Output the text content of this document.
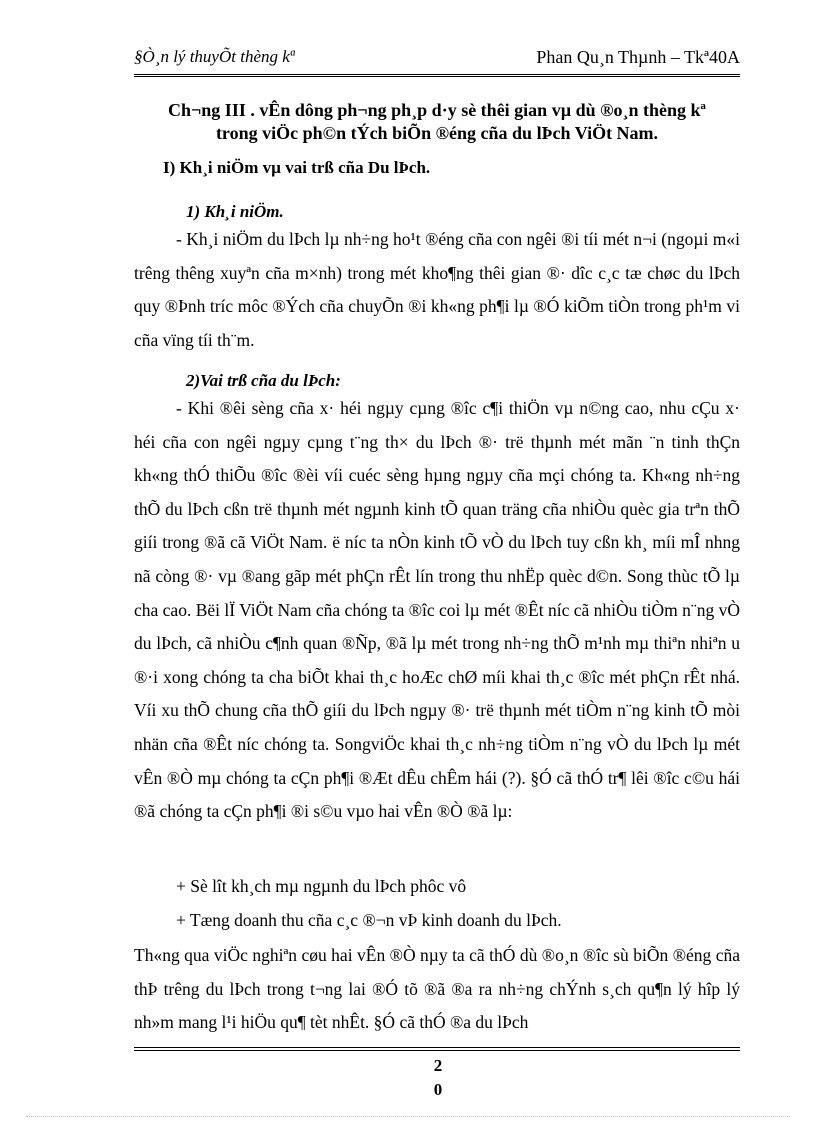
§Ò¸n lý thuyÕt thèng kª	Phan Qu¸n Thµnh – Tkª40A
Ch¬ng III . vÊn dông ph¬ng ph¸p d·y sè thêi gian vµ dù ®o¸n thèng kª
trong viÖc ph©n tÝch biÕn ®éng cña du lÞch ViÖt Nam.
I) Kh¸i niÖm vµ vai trß cña Du lÞch.
1) Kh¸i niÖm.

- Kh¸i niÖm du lÞch lµ nh÷ng ho¹t ®éng cña con ngêi ®i tíi mét n¬i (ngoµi m«i trêng thêng xuyªn cña m×nh) trong mét kho¶ng thêi gian ®· dîc c¸c tæ chøc du lÞch quy ®Þnh tríc môc ®Ých cña chuyÕn ®i kh«ng ph¶i lµ ®Ó kiÕm tiÒn trong ph¹m vi cña vïng tíi th¨m.

2)Vai trß cña du lÞch:

- Khi ®êi sèng cña x· héi ngµy cµng ®îc c¶i thiÖn vµ n©ng cao, nhu cÇu x· héi cña con ngêi ngµy cµng t¨ng th× du lÞch ®· trë thµnh mét mãn ¨n tinh thÇn kh«ng thÓ thiÕu ®îc ®èi víi cuéc sèng hµng ngµy cña mçi chóng ta. Kh«ng nh÷ng thÕ du lÞch cßn trë thµnh mét ngµnh kinh tÕ quan träng cña nhiÒu quèc gia trªn thÕ giíi trong ®ã cã ViÖt Nam. ë níc ta nÒn kinh tÕ vÒ du lÞch tuy cßn kh¸ míi mÎ nhng nã còng ®· vµ ®ang gãp mét phÇn rÊt lín trong thu nhËp quèc d©n. Song thùc tÕ lµ cha cao. Bëi lÏ ViÖt Nam cña chóng ta ®îc coi lµ mét ®Êt níc cã nhiÒu tiÒm n¨ng vÒ du lÞch, cã nhiÒu c¶nh quan ®Ñp, ®ã lµ mét trong nh÷ng thÕ m¹nh mµ thiªn nhiªn u ®·i xong chóng ta cha biÕt khai th¸c hoÆc chØ míi khai th¸c ®îc mét phÇn rÊt nhá. Víi xu thÕ chung cña thÕ giíi du lÞch ngµy ®· trë thµnh mét tiÒm n¨ng kinh tÕ mòi nhän cña ®Êt níc chóng ta. SongviÖc khai th¸c nh÷ng tiÒm n¨ng vÒ du lÞch lµ mét vÊn ®Ò mµ chóng ta cÇn ph¶i ®Æt dÊu chÊm hái (?). §Ó cã thÓ tr¶ lêi ®îc c©u hái ®ã chóng ta cÇn ph¶i ®i s©u vµo hai vÊn ®Ò ®ã lµ:

+ Sè lît kh¸ch mµ ngµnh du lÞch phôc vô
+ Tæng doanh thu cña c¸c ®¬n vÞ kinh doanh du lÞch.

Th«ng qua viÖc nghiªn cøu hai vÊn ®Ò nµy ta cã thÓ dù ®o¸n ®îc sù biÕn ®éng cña thÞ trêng du lÞch trong t¬ng lai ®Ó tõ ®ã ®a ra nh÷ng chÝnh s¸ch qu¶n lý hîp lý nh»m mang l¹i hiÖu qu¶ tèt nhÊt. §Ó cã thÓ ®a du lÞch

2
0
